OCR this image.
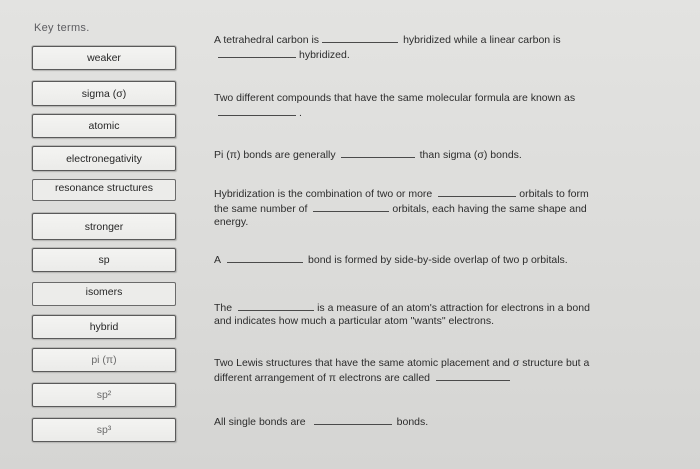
Key terms.
weaker
sigma (σ)
atomic
electronegativity
resonance structures
stronger
sp
isomers
hybrid
pi (π)
sp²
sp³
A tetrahedral carbon is	hybridized while a linear carbon is
hybridized.
Two different compounds that have the same molecular formula are known as
.
Pi (π) bonds are generally	than sigma (σ) bonds.
Hybridization is the combination of two or more	orbitals to form
the same number of	orbitals, each having the same shape and
energy.
A	bond is formed by side-by-side overlap of two p orbitals.
The	is a measure of an atom's attraction for electrons in a bond
and indicates how much a particular atom "wants" electrons.
Two Lewis structures that have the same atomic placement and σ structure but a
different arrangement of π electrons are called
All single bonds are	bonds.
